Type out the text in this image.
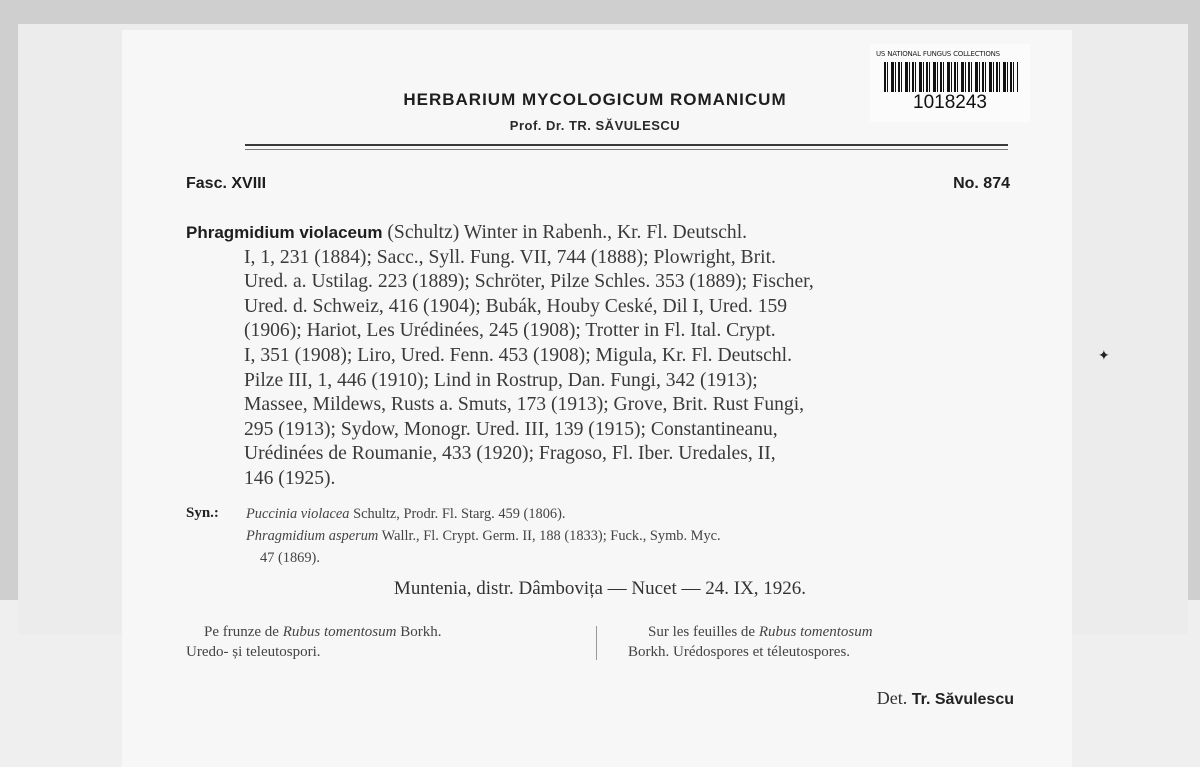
US NATIONAL FUNGUS COLLECTIONS
1018243
HERBARIUM MYCOLOGICUM ROMANICUM
Prof. Dr. TR. SĂVULESCU
Fasc. XVIII	No. 874
Phragmidium violaceum (Schultz) Winter in Rabenh., Kr. Fl. Deutschl.
I, 1, 231 (1884); Sacc., Syll. Fung. VII, 744 (1888); Plowright, Brit.
Ured. a. Ustilag. 223 (1889); Schröter, Pilze Schles. 353 (1889); Fischer,
Ured. d. Schweiz, 416 (1904); Bubák, Houby Ceské, Dil I, Ured. 159
(1906); Hariot, Les Urédinées, 245 (1908); Trotter in Fl. Ital. Crypt.
I, 351 (1908); Liro, Ured. Fenn. 453 (1908); Migula, Kr. Fl. Deutschl.
Pilze III, 1, 446 (1910); Lind in Rostrup, Dan. Fungi, 342 (1913);
Massee, Mildews, Rusts a. Smuts, 173 (1913); Grove, Brit. Rust Fungi,
295 (1913); Sydow, Monogr. Ured. III, 139 (1915); Constantineanu,
Urédinées de Roumanie, 433 (1920); Fragoso, Fl. Iber. Uredales, II,
146 (1925).
Syn.: Puccinia violacea Schultz, Prodr. Fl. Starg. 459 (1806).
Phragmidium asperum Wallr., Fl. Crypt. Germ. II, 188 (1833); Fuck., Symb. Myc.
47 (1869).
Muntenia, distr. Dâmbovița — Nucet — 24. IX, 1926.
Pe frunze de Rubus tomentosum Borkh.
Uredo- și teleutospori.
Sur les feuilles de Rubus tomentosum
Borkh. Urédospores et téleutospores.
Det. Tr. Săvulescu
✦
